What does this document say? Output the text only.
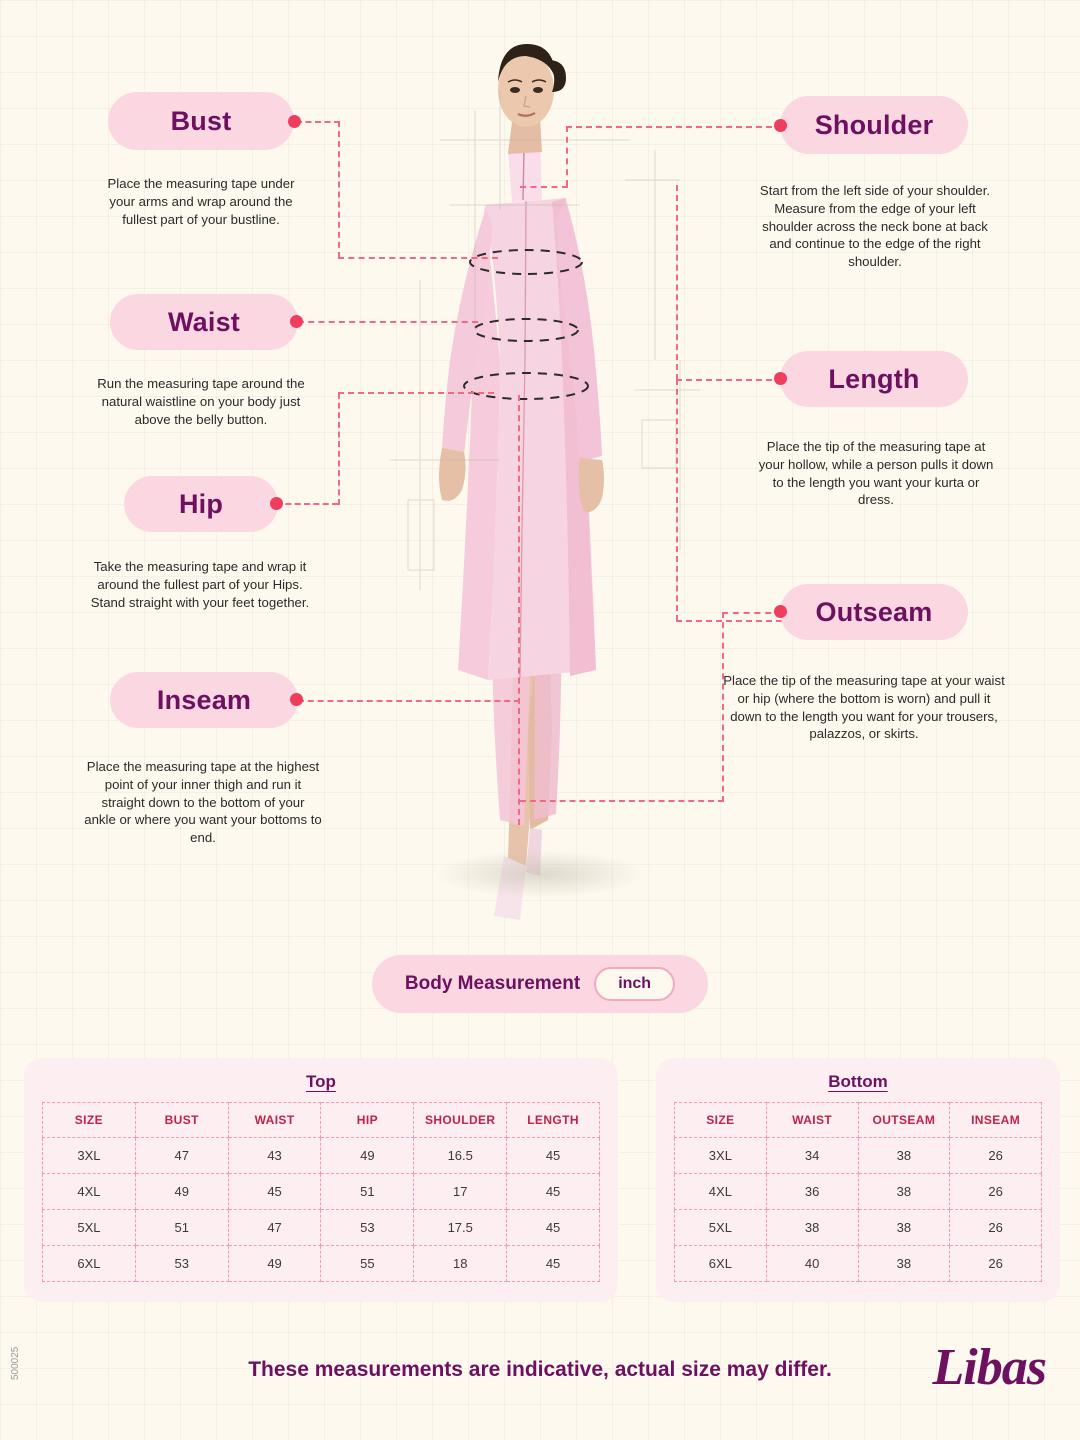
Bust
Place the measuring tape under your arms and wrap around the fullest part of your bustline.
Waist
Run the measuring tape around the natural waistline on your body just above the belly button.
Hip
Take the measuring tape and wrap it around the fullest part of your Hips. Stand straight with your feet together.
Inseam
Place the measuring tape at the highest point of your inner thigh and run it straight down to the bottom of your ankle or where you want your bottoms to end.
Shoulder
Start from the left side of your shoulder. Measure from the edge of your left shoulder across the neck bone at back and continue to the edge of the right shoulder.
Length
Place the tip of the measuring tape at your hollow, while a person pulls it down to the length you want your kurta or dress.
Outseam
Place the tip of the measuring tape at your waist or hip (where the bottom is worn) and pull it down to the length you want for your trousers, palazzos, or skirts.
Body Measurement	inch
Top
SIZE	BUST	WAIST	HIP	SHOULDER	LENGTH
3XL	47	43	49	16.5	45
4XL	49	45	51	17	45
5XL	51	47	53	17.5	45
6XL	53	49	55	18	45
Bottom
SIZE	WAIST	OUTSEAM	INSEAM
3XL	34	38	26
4XL	36	38	26
5XL	38	38	26
6XL	40	38	26
These measurements are indicative, actual size may differ.	Libas
500025
